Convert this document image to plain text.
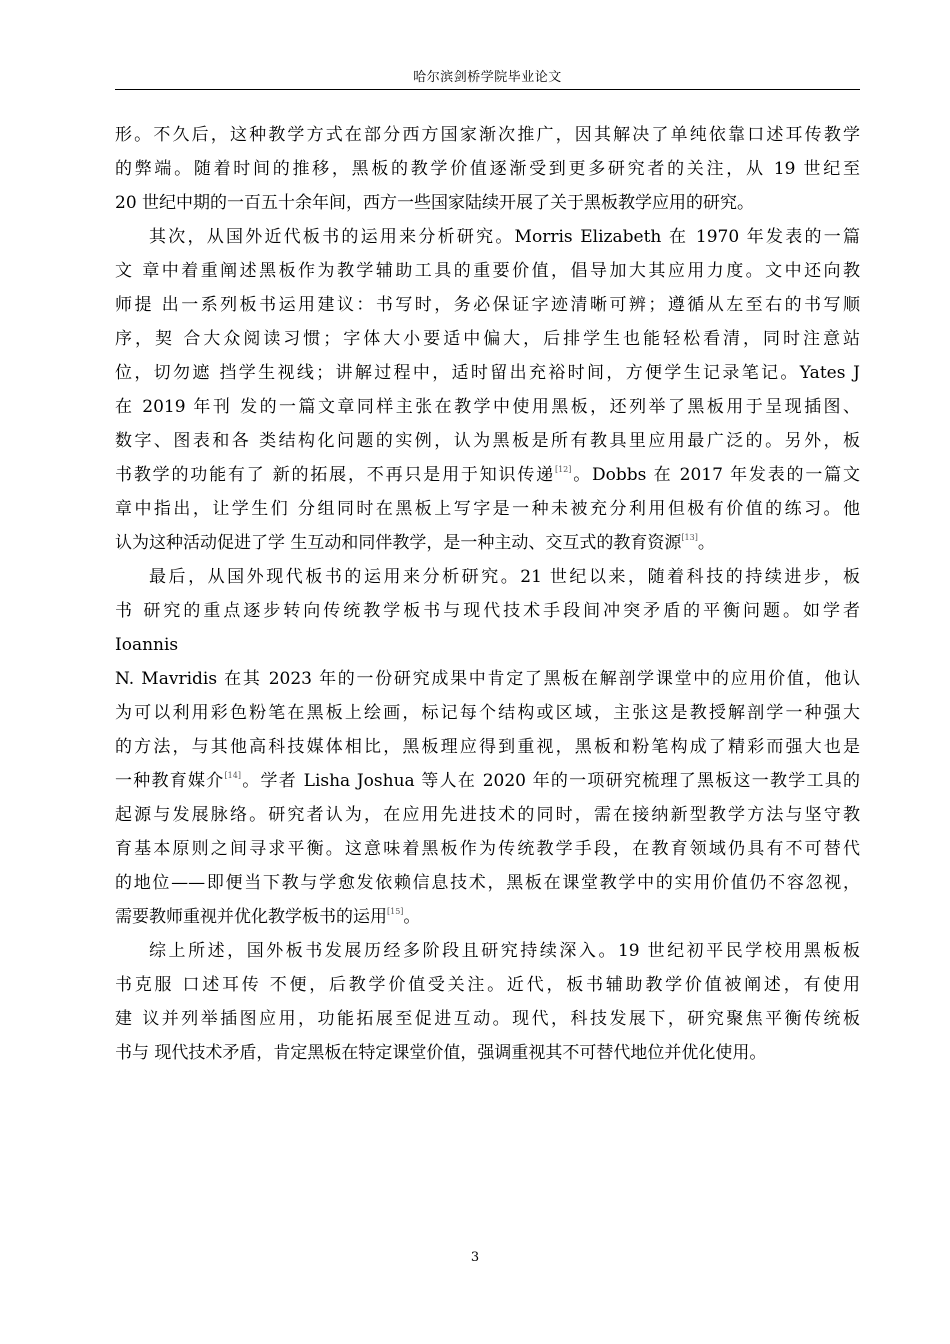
哈尔滨剑桥学院毕业论文
形。不久后，这种教学方式在部分西方国家渐次推广，因其解决了单纯依靠口述耳传教学
的弊端。随着时间的推移，黑板的教学价值逐渐受到更多研究者的关注，从 19 世纪至
20 世纪中期的一百五十余年间，西方一些国家陆续开展了关于黑板教学应用的研究。
其次，从国外近代板书的运用来分析研究。Morris Elizabeth 在 1970 年发表的一篇
文 章中着重阐述黑板作为教学辅助工具的重要价值，倡导加大其应用力度。文中还向教
师提 出一系列板书运用建议：书写时，务必保证字迹清晰可辨；遵循从左至右的书写顺
序，契 合大众阅读习惯；字体大小要适中偏大，后排学生也能轻松看清，同时注意站
位，切勿遮 挡学生视线；讲解过程中，适时留出充裕时间，方便学生记录笔记。Yates J
在 2019 年刊 发的一篇文章同样主张在教学中使用黑板，还列举了黑板用于呈现插图、
数字、图表和各 类结构化问题的实例，认为黑板是所有教具里应用最广泛的。另外，板
书教学的功能有了 新的拓展，不再只是用于知识传递[12]。Dobbs 在 2017 年发表的一篇文
章中指出，让学生们 分组同时在黑板上写字是一种未被充分利用但极有价值的练习。他
认为这种活动促进了学 生互动和同伴教学，是一种主动、交互式的教育资源[13]。
最后，从国外现代板书的运用来分析研究。21 世纪以来，随着科技的持续进步，板
书 研究的重点逐步转向传统教学板书与现代技术手段间冲突矛盾的平衡问题。如学者
Ioannis
N. Mavridis 在其 2023 年的一份研究成果中肯定了黑板在解剖学课堂中的应用价值，他认
为可以利用彩色粉笔在黑板上绘画，标记每个结构或区域，主张这是教授解剖学一种强大
的方法，与其他高科技媒体相比，黑板理应得到重视，黑板和粉笔构成了精彩而强大也是
一种教育媒介[14]。学者 Lisha Joshua 等人在 2020 年的一项研究梳理了黑板这一教学工具的
起源与发展脉络。研究者认为，在应用先进技术的同时，需在接纳新型教学方法与坚守教
育基本原则之间寻求平衡。这意味着黑板作为传统教学手段，在教育领域仍具有不可替代
的地位——即便当下教与学愈发依赖信息技术，黑板在课堂教学中的实用价值仍不容忽视，
需要教师重视并优化教学板书的运用[15]。
综上所述，国外板书发展历经多阶段且研究持续深入。19 世纪初平民学校用黑板板
书克服 口述耳传 不便，后教学价值受关注。近代，板书辅助教学价值被阐述，有使用
建 议并列举插图应用，功能拓展至促进互动。现代，科技发展下，研究聚焦平衡传统板
书与 现代技术矛盾，肯定黑板在特定课堂价值，强调重视其不可替代地位并优化使用。
3
